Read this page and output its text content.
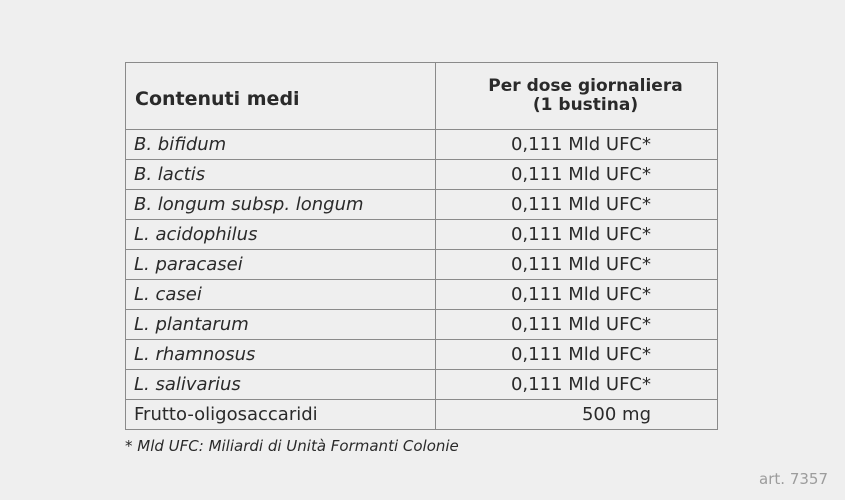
Contenuti medi	Per dose giornaliera
(1 bustina)

B. bifidum	0,111 Mld UFC*
B. lactis	0,111 Mld UFC*
B. longum subsp. longum	0,111 Mld UFC*
L. acidophilus	0,111 Mld UFC*
L. paracasei	0,111 Mld UFC*
L. casei	0,111 Mld UFC*
L. plantarum	0,111 Mld UFC*
L. rhamnosus	0,111 Mld UFC*
L. salivarius	0,111 Mld UFC*
Frutto-oligosaccaridi	500 mg
* Mld UFC: Miliardi di Unità Formanti Colonie
art. 7357
